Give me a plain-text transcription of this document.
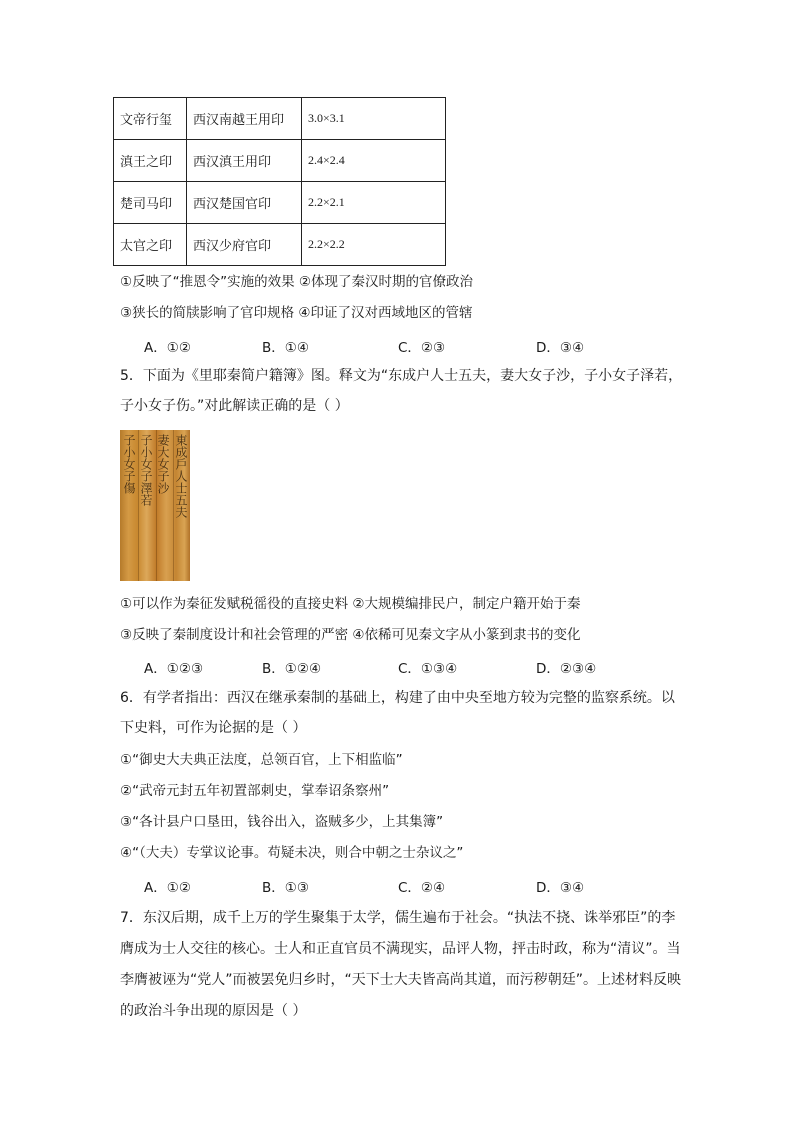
文帝行玺	西汉南越王用印	3.0×3.1
滇王之印	西汉滇王用印	2.4×2.4
楚司马印	西汉楚国官印	2.2×2.1
太官之印	西汉少府官印	2.2×2.2
①反映了“推恩令”实施的效果 ②体现了秦汉时期的官僚政治
③狭长的简牍影响了官印规格 ④印证了汉对西域地区的管辖
A．①②	B．①④	C．②③	D．③④
5．下面为《里耶秦简户籍簿》图。释文为“东成户人士五夫，妻大女子沙，子小女子泽若，
子小女子伤。”对此解读正确的是（ ）
東成戶人士五夫
妻大女子沙
子小女子澤若
子小女子傷
①可以作为秦征发赋税徭役的直接史料 ②大规模编排民户，制定户籍开始于秦
③反映了秦制度设计和社会管理的严密 ④依稀可见秦文字从小篆到隶书的变化
A．①②③	B．①②④	C．①③④	D．②③④
6．有学者指出：西汉在继承秦制的基础上，构建了由中央至地方较为完整的监察系统。以
下史料，可作为论据的是（ ）
①“御史大夫典正法度，总领百官，上下相监临”
②“武帝元封五年初置部刺史，掌奉诏条察州”
③“各计县户口垦田，钱谷出入，盗贼多少，上其集簿”
④“（大夫）专掌议论事。苟疑未决，则合中朝之士杂议之”
A．①②	B．①③	C．②④	D．③④
7．东汉后期，成千上万的学生聚集于太学，儒生遍布于社会。“执法不挠、诛举邪臣”的李
膺成为士人交往的核心。士人和正直官员不满现实，品评人物，抨击时政，称为“清议”。当
李膺被诬为“党人”而被罢免归乡时，“天下士大夫皆高尚其道，而污秽朝廷”。上述材料反映
的政治斗争出现的原因是（ ）
